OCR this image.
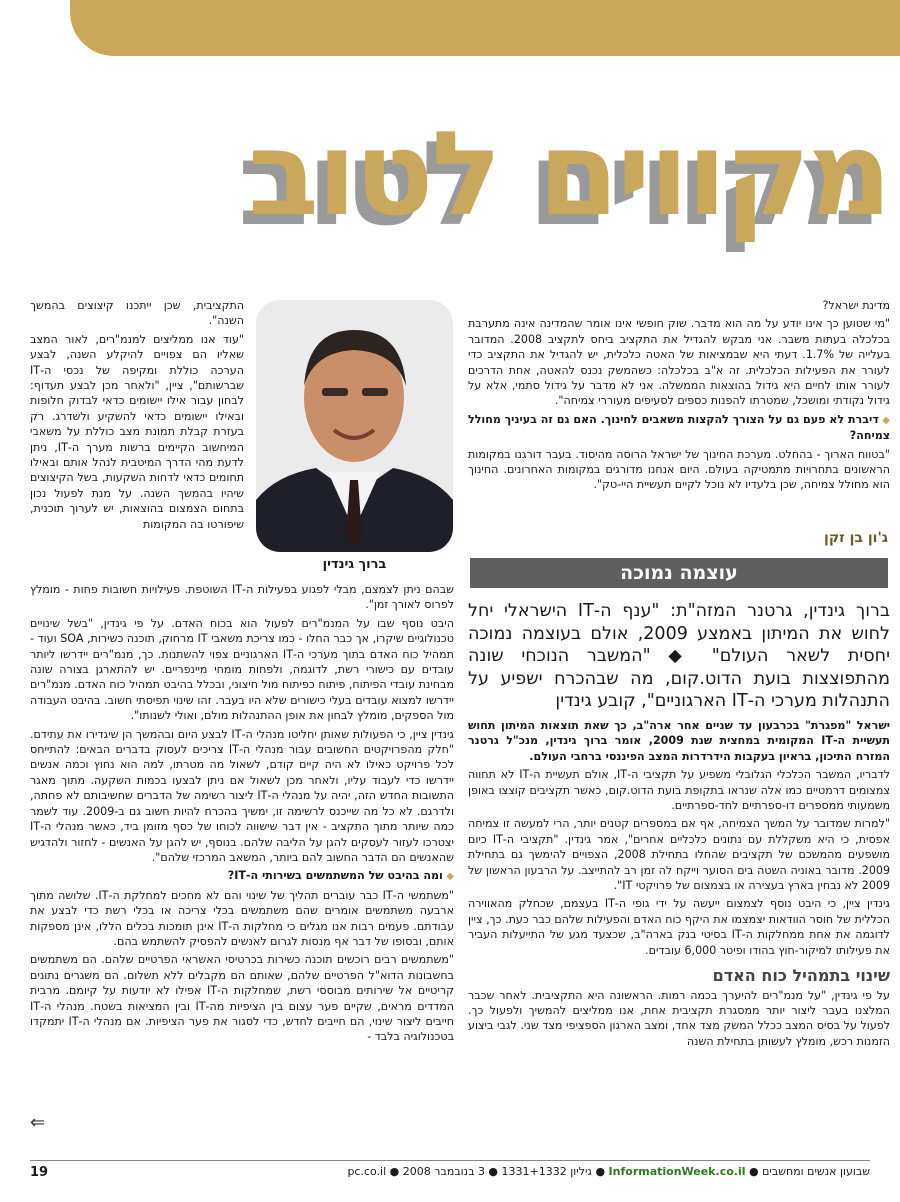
מקווים לטוב

מדינת ישראל?

"מי שטוען כך אינו יודע על מה הוא מדבר. שוק חופשי אינו אומר שהמדינה אינה מתערבת בכלכלה בעתות משבר. אני מבקש להגדיל את התקציב ביחס לתקציב 2008. המדובר בעלייה של 1.7%. דעתי היא שבמציאות של האטה כלכלית, יש להגדיל את התקציב כדי לעורר את הפעילות הכלכלית. זה א"ב בכלכלה: כשהמשק נכנס להאטה, אחת הדרכים לעורר אותו לחיים היא גידול בהוצאות הממשלה. אני לא מדבר על גידול סתמי, אלא על גידול נקודתי ומושכל, שמטרתו להפנות כספים לסעיפים מעוררי צמיחה".

◆ דיברת לא פעם גם על הצורך להקצות משאבים לחינוך. האם גם זה בעיניך מחולל צמיחה?

"בטווח הארוך - בהחלט. מערכת החינוך של ישראל הרוסה מהיסוד. בעבר דורגנו במקומות הראשונים בתחרויות מתמטיקה בעולם. היום אנחנו מדורגים במקומות האחרונים. החינוך הוא מחולל צמיחה, שכן בלעדיו לא נוכל לקיים תעשיית היי-טק".

ג'ון בן זקן
עוצמה נמוכה
ברוך גינדין, גרטנר המזה"ת: "ענף ה-IT הישראלי יחל לחוש את המיתון באמצע 2009, אולם בעוצמה נמוכה יחסית לשאר העולם" ◆ "המשבר הנוכחי שונה מהתפוצצות בועת הדוט.קום, מה שבהכרח ישפיע על התנהלות מערכי ה-IT הארגוניים", קובע גינדין

ישראל "מפגרת" בכרבעון עד שניים אחר ארה"ב, כך שאת תוצאות המיתון תחוש תעשיית ה-IT המקומית במחצית שנת 2009, אומר ברוך גינדין, מנכ"ל גרטנר המזרח התיכון, בראיון בעקבות הידרדרות המצב הפיננסי ברחבי העולם.

לדבריו, המשבר הכלכלי הגלובלי משפיע על תקציבי ה-IT, אולם תעשיית ה-IT לא תחווה צמצומים דרמטיים כמו אלה שנראו בתקופת בועת הדוט.קום, כאשר תקציבים קוצצו באופן משמעותי ממספרים דו-ספרתיים לחד-ספרתיים.

"למרות שמדובר על המשך הצמיחה, אף אם במספרים קטנים יותר, הרי למעשה זו צמיחה אפסית, כי היא משקללת עם נתונים כלכליים אחרים", אמר גינדין. "תקציבי ה-IT כיום מושפעים מהמשכם של תקציבים שהחלו בתחילת 2008, הצפויים להימשך גם בתחילת 2009. מדובר באוניה השטה בים הסוער וייקח לה זמן רב להתייצב. על הרבעון הראשון של 2009 לא נבחין בארץ בעצירה או בצמצום של פרויקטי IT".

גינדין ציין, כי היבט נוסף לצמצום ייעשה על ידי גופי ה-IT בעצמם, שכחלק מהאווירה הכללית של חוסר הוודאות יצמצמו את היקף כוח האדם והפעילות שלהם כבר כעת. כך, ציין לדוגמה את אחת ממחלקות ה-IT בסיטי בנק בארה"ב, שכצעד מגע של התייעלות העביר את פעילותו למיקור-חוץ בהודו ופיטר 6,000 עובדים.

שינוי בתמהיל כוח האדם

על פי גינדין, "על מנמ"רים להיערך בכמה רמות. הראשונה היא התקציבית. לאחר שכבר המלצנו בעבר ליצור יותר ממסגרת תקציבית אחת, אנו ממליצים להמשיך ולפעול כך. לפעול על בסיס המצב ככלל המשק מצד אחד, ומצב הארגון הספציפי מצד שני. לגבי ביצוע הזמנות רכש, מומלץ לעשותן בתחילת השנה

התקציבית, שכן ייתכנו קיצוצים בהמשך השנה".

"עוד אנו ממליצים למנמ"רים, לאור המצב שאליו הם צפויים להיקלע השנה, לבצע הערכה כוללת ומקיפה של נכסי ה-IT שברשותם", ציין, "ולאחר מכן לבצע תעדוף: לבחון עבור אילו יישומים כדאי לבדוק חלופות ובאילו יישומים כדאי להשקיע ולשדרג. רק בעזרת קבלת תמונת מצב כוללת על משאבי המיחשוב הקיימים ברשות מערך ה-IT, ניתן לדעת מהי הדרך המיטבית לנהל אותם ובאילו תחומים כדאי לדחות השקעות, בשל הקיצוצים שיהיו בהמשך השנה. על מנת לפעול נכון בתחום הצמצום בהוצאות, יש לערוך תוכנית, שיפורטו בה המקומות

ברוך גינדין

שבהם ניתן לצמצם, מבלי לפגוע בפעילות ה-IT השוטפת. פעילויות חשובות פחות - מומלץ לפרוס לאורך זמן".

היבט נוסף שבו על המנמ"רים לפעול הוא בכוח האדם. על פי גינדין, "בשל שינויים טכנולוגיים שיקרו, אך כבר החלו - כמו צריכת משאבי IT מרחוק, תוכנה כשירות, SOA ועוד - תמהיל כוח האדם בתוך מערכי ה-IT הארגוניים צפוי להשתנות. כך, מנמ"רים יידרשו ליותר עובדים עם כישורי רשת, לדוגמה, ולפחות מומחי מיינפריים. יש להתארגן בצורה שונה מבחינת עובדי הפיתוח, פיתוח כפיתוח מול חיצוני, ובכלל בהיבט תמהיל כוח האדם. מנמ"רים יידרשו למצוא עובדים בעלי כישורים שלא היו בעבר. זהו שינוי תפיסתי חשוב. בהיבט העבודה מול הספקים, מומלץ לבחון את אופן ההתנהלות מולם, ואולי לשנותו".

גינדין ציין, כי הפעולות שאותן יחליטו מנהלי ה-IT לבצע היום ובהמשך הן שיגדירו את עתידם. "חלק מהפרויקטים החשובים עבור מנהלי ה-IT צריכים לעסוק בדברים הבאים: להתייחס לכל פרויקט כאילו לא היה קיים קודם, לשאול מה מטרתו, למה הוא נחוץ וכמה אנשים יידרשו כדי לעבוד עליו, ולאחר מכן לשאול אם ניתן לבצעו בכמות השקעה. מתוך מאגר התשובות החדש הזה, יהיה על מנהלי ה-IT ליצור רשימה של הדברים שחשיבותם לא פחתה, ולדרגם. לא כל מה שייכנס לרשימה זו, ימשיך בהכרח להיות חשוב גם ב-2009. עוד לשמר כמה שיותר מתוך התקציב - אין דבר שישווה לכוחו של כסף מזומן ביד, כאשר מנהלי ה-IT יצטרכו לעזור לעסקים להגן על הליבה שלהם. בנוסף, יש להגן על האנשים - לחזור ולהדגיש שהאנשים הם הדבר החשוב להם ביותר, המשאב המרכזי שלהם".

◆ ומה בהיבט של המשתמשים בשירותי ה-IT?

"משתמשי ה-IT כבר עוברים תהליך של שינוי והם לא מחכים למחלקת ה-IT. שלושה מתוך ארבעה משתמשים אומרים שהם משתמשים בכלי צריכה או בכלי רשת כדי לבצע את עבודתם. פעמים רבות אנו מגלים כי מחלקות ה-IT אינן תומכות בכלים הללו, אינן מספקות אותם, ובסופו של דבר אף מנסות לגרום לאנשים להפסיק להשתמש בהם.

"משתמשים רבים רוכשים תוכנה כשירות בכרטיסי האשראי הפרטיים שלהם. הם משתמשים בחשבונות הדוא"ל הפרטיים שלהם, שאותם הם מקבלים ללא תשלום. הם משגרים נתונים קריטיים אל שירותים מבוססי רשת, שמחלקות ה-IT אפילו לא יודעות על קיומם. מרבית המדדים מראים, שקיים פער עצום בין הציפיות מה-IT ובין המציאות בשטח. מנהלי ה-IT חייבים ליצור שינוי, הם חייבים לחדש, כדי לסגור את פער הציפיות. אם מנהלי ה-IT יתמקדו בטכנולוגיה בלבד -

⇐
19	שבועון אנשים ומחשבים ● InformationWeek.co.il ● גיליון 1331+1332 ● 3 בנובמבר 2008 ● pc.co.il
